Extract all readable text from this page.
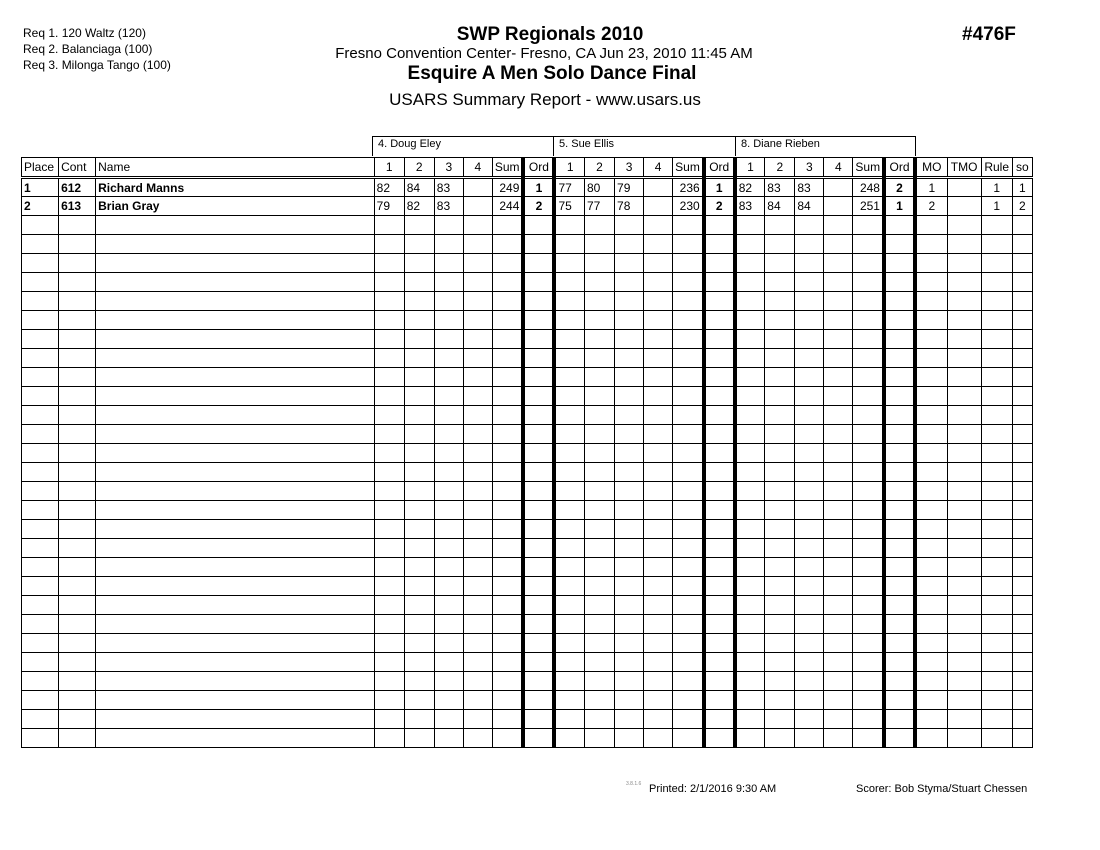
Req 1. 120 Waltz (120)
Req 2. Balanciaga (100)
Req 3. Milonga Tango (100)
SWP Regionals 2010
Fresno Convention Center- Fresno, CA Jun 23, 2010 11:45 AM
Esquire A Men Solo Dance Final
USARS Summary Report - www.usars.us
#476F
4. Doug Eley	5. Sue Ellis	8. Diane Rieben
Place	Cont	Name	1	2	3	4	Sum	Ord	1	2	3	4	Sum	Ord	1	2	3	4	Sum	Ord	MO	TMO	Rule	so
1	612	Richard Manns	82	84	83		249	1	77	80	79		236	1	82	83	83		248	2	1		1	1
2	613	Brian Gray	79	82	83		244	2	75	77	78		230	2	83	84	84		251	1	2		1	2

3.8.1.6 Printed: 2/1/2016 9:30 AM	Scorer: Bob Styma/Stuart Chessen
